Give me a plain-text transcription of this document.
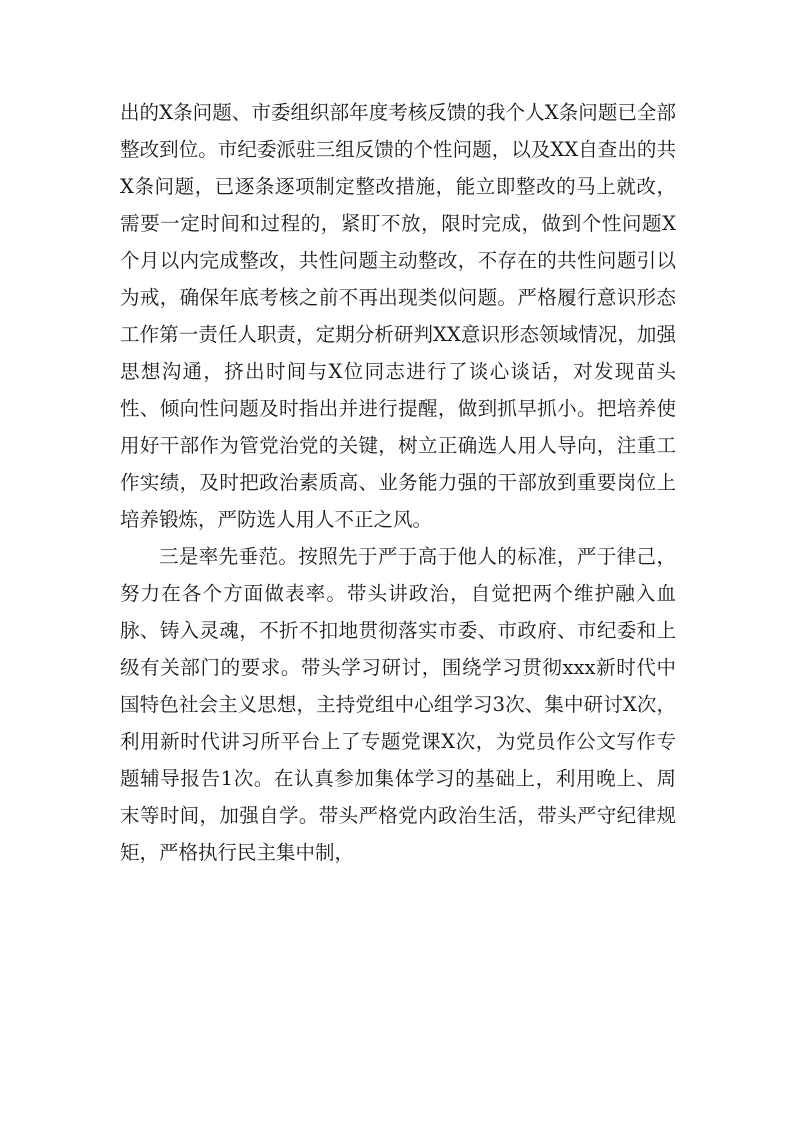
出的X条问题、市委组织部年度考核反馈的我个人X条问题已全部整改到位。市纪委派驻三组反馈的个性问题，以及XX自查出的共X条问题，已逐条逐项制定整改措施，能立即整改的马上就改，需要一定时间和过程的，紧盯不放，限时完成，做到个性问题X个月以内完成整改，共性问题主动整改，不存在的共性问题引以为戒，确保年底考核之前不再出现类似问题。严格履行意识形态工作第一责任人职责，定期分析研判XX意识形态领域情况，加强思想沟通，挤出时间与X位同志进行了谈心谈话，对发现苗头性、倾向性问题及时指出并进行提醒，做到抓早抓小。把培养使用好干部作为管党治党的关键，树立正确选人用人导向，注重工作实绩，及时把政治素质高、业务能力强的干部放到重要岗位上培养锻炼，严防选人用人不正之风。

三是率先垂范。按照先于严于高于他人的标准，严于律己，努力在各个方面做表率。带头讲政治，自觉把两个维护融入血脉、铸入灵魂，不折不扣地贯彻落实市委、市政府、市纪委和上级有关部门的要求。带头学习研讨，围绕学习贯彻xxx新时代中国特色社会主义思想，主持党组中心组学习3次、集中研讨X次，利用新时代讲习所平台上了专题党课X次，为党员作公文写作专题辅导报告1次。在认真参加集体学习的基础上，利用晚上、周末等时间，加强自学。带头严格党内政治生活，带头严守纪律规矩，严格执行民主集中制，
